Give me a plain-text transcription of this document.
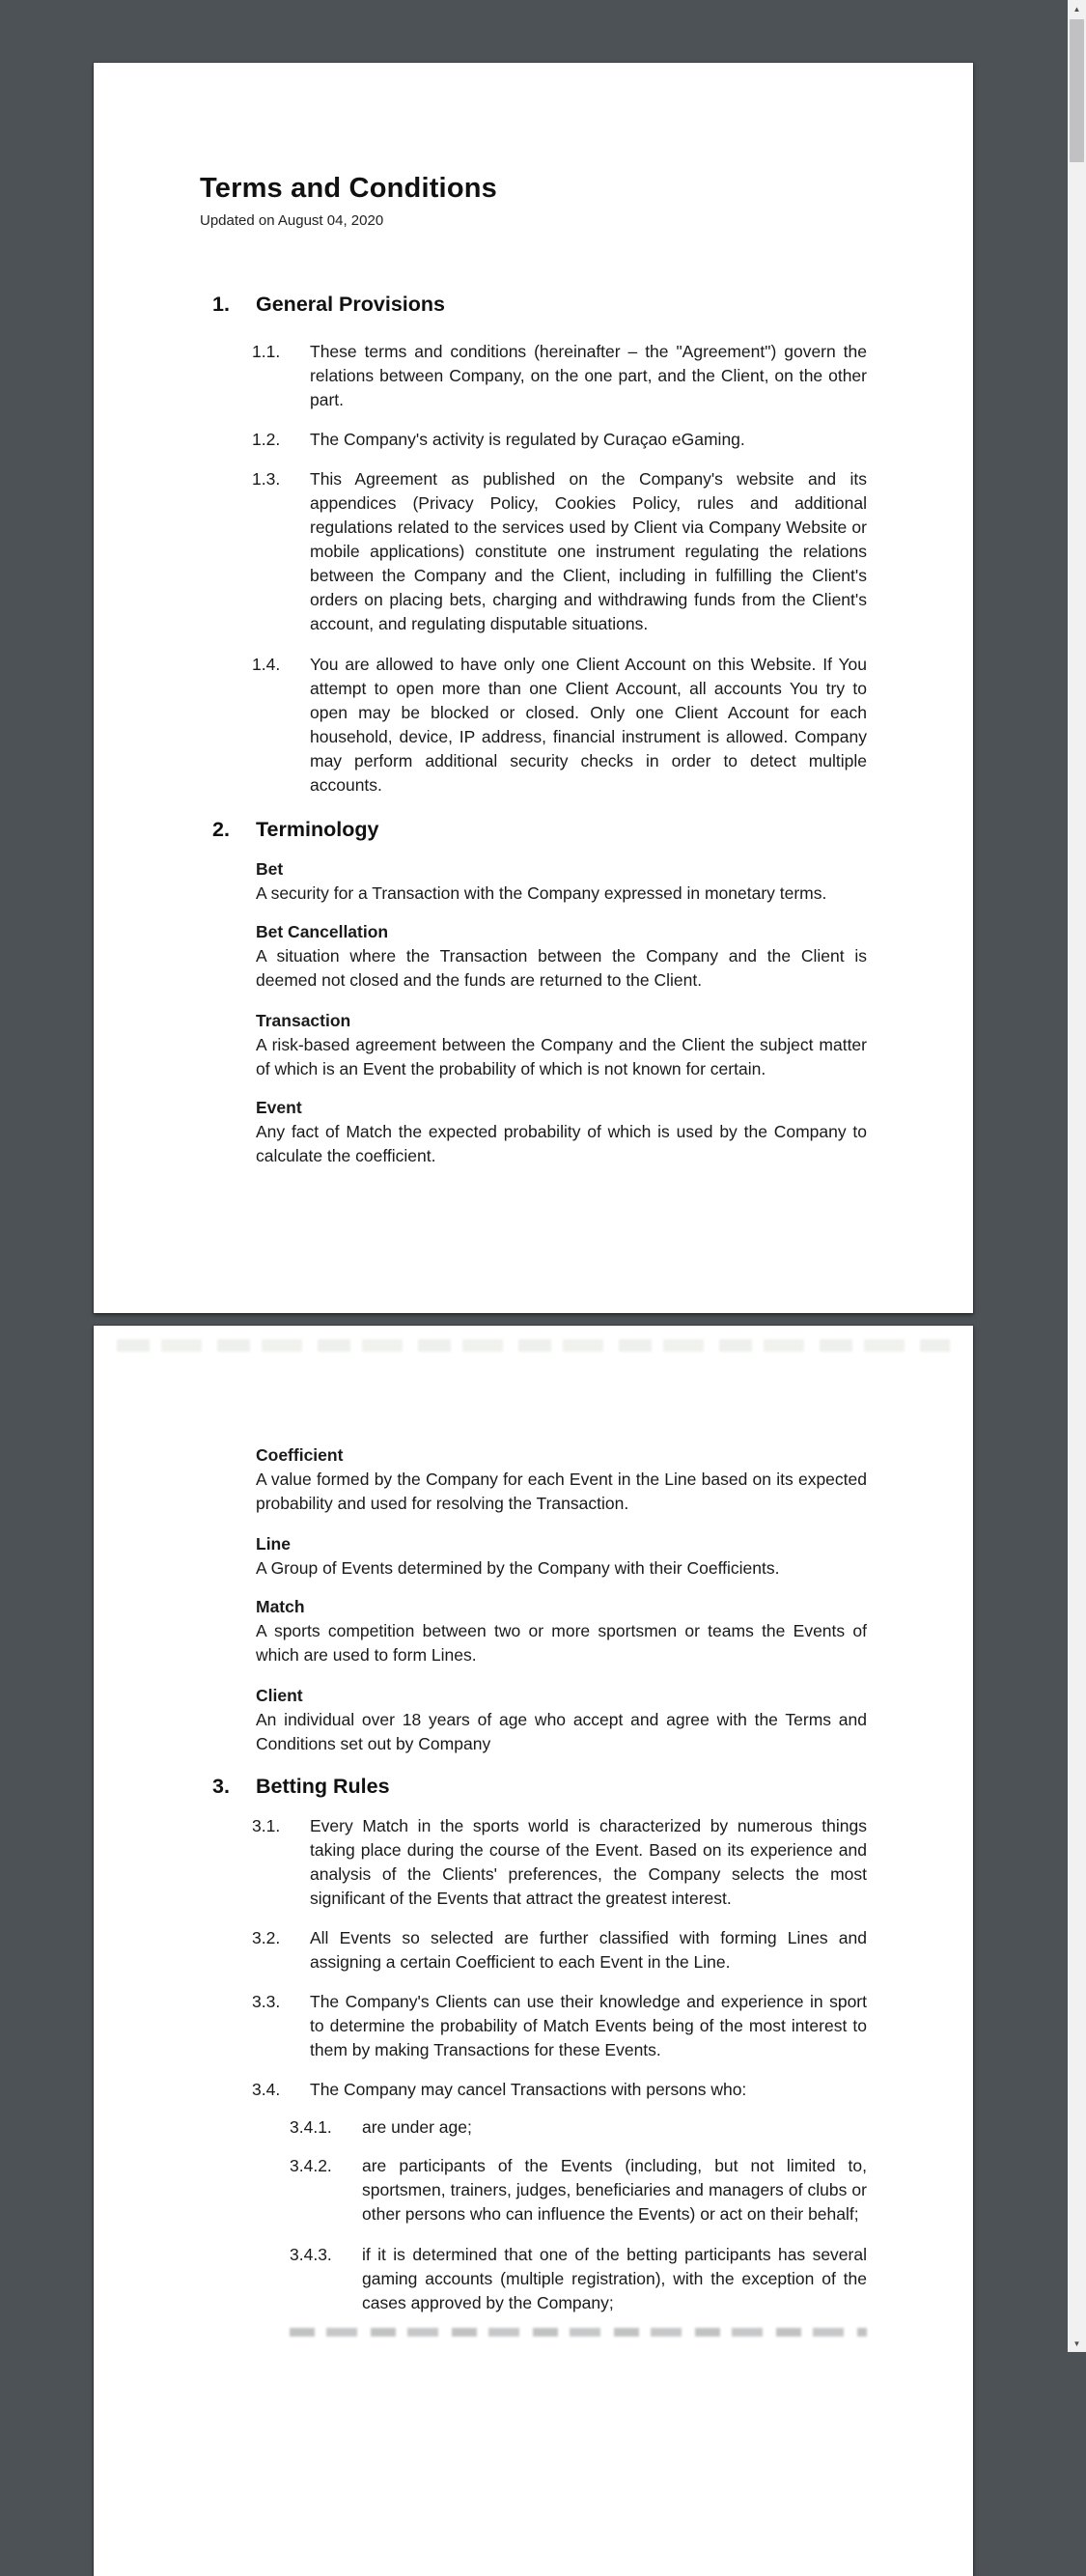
Terms and Conditions
Updated on August 04, 2020
1.	General Provisions
1.1.	These terms and conditions (hereinafter – the "Agreement") govern the relations between Company, on the one part, and the Client, on the other part.
1.2.	The Company's activity is regulated by Curaçao eGaming.
1.3.	This Agreement as published on the Company's website and its appendices (Privacy Policy, Cookies Policy, rules and additional regulations related to the services used by Client via Company Website or mobile applications) constitute one instrument regulating the relations between the Company and the Client, including in fulfilling the Client's orders on placing bets, charging and withdrawing funds from the Client's account, and regulating disputable situations.
1.4.	You are allowed to have only one Client Account on this Website. If You attempt to open more than one Client Account, all accounts You try to open may be blocked or closed. Only one Client Account for each household, device, IP address, financial instrument is allowed. Company may perform additional security checks in order to detect multiple accounts.
2.	Terminology
Bet
A security for a Transaction with the Company expressed in monetary terms.
Bet Cancellation
A situation where the Transaction between the Company and the Client is deemed not closed and the funds are returned to the Client.
Transaction
A risk-based agreement between the Company and the Client the subject matter of which is an Event the probability of which is not known for certain.
Event
Any fact of Match the expected probability of which is used by the Company to calculate the coefficient.
Coefficient
A value formed by the Company for each Event in the Line based on its expected probability and used for resolving the Transaction.
Line
A Group of Events determined by the Company with their Coefficients.
Match
A sports competition between two or more sportsmen or teams the Events of which are used to form Lines.
Client
An individual over 18 years of age who accept and agree with the Terms and Conditions set out by Company
3.	Betting Rules
3.1.	Every Match in the sports world is characterized by numerous things taking place during the course of the Event. Based on its experience and analysis of the Clients' preferences, the Company selects the most significant of the Events that attract the greatest interest.
3.2.	All Events so selected are further classified with forming Lines and assigning a certain Coefficient to each Event in the Line.
3.3.	The Company's Clients can use their knowledge and experience in sport to determine the probability of Match Events being of the most interest to them by making Transactions for these Events.
3.4.	The Company may cancel Transactions with persons who:
3.4.1.	are under age;
3.4.2.	are participants of the Events (including, but not limited to, sportsmen, trainers, judges, beneficiaries and managers of clubs or other persons who can influence the Events) or act on their behalf;
3.4.3.	if it is determined that one of the betting participants has several gaming accounts (multiple registration), with the exception of the cases approved by the Company;
▲
▼
